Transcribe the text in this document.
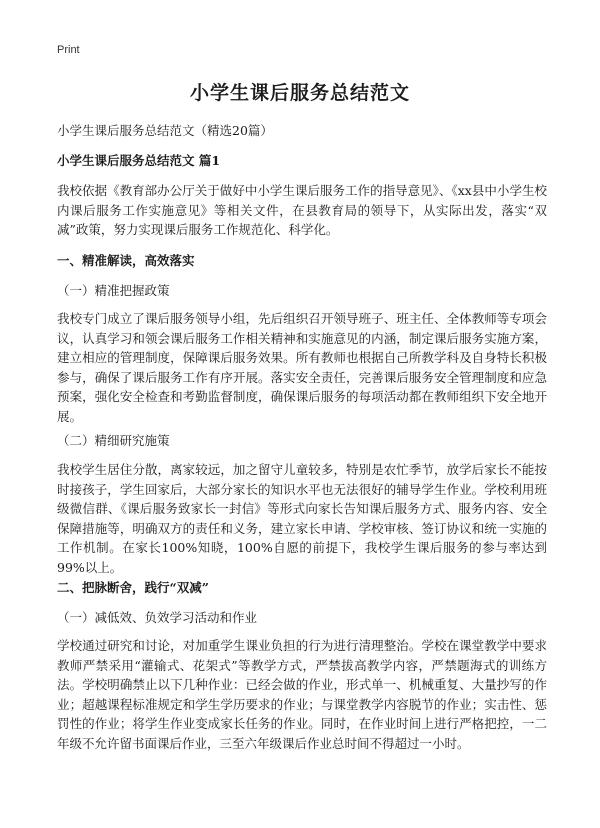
Print
小学生课后服务总结范文
小学生课后服务总结范文（精选20篇）
小学生课后服务总结范文 篇1
我校依据《教育部办公厅关于做好中小学生课后服务工作的指导意见》、《xx县中小学生校内课后服务工作实施意见》等相关文件，在县教育局的领导下，从实际出发，落实“双减”政策，努力实现课后服务工作规范化、科学化。
一、精准解读，高效落实
（一）精准把握政策
我校专门成立了课后服务领导小组，先后组织召开领导班子、班主任、全体教师等专项会议，认真学习和领会课后服务工作相关精神和实施意见的内涵，制定课后服务实施方案，建立相应的管理制度，保障课后服务效果。所有教师也根据自己所教学科及自身特长积极参与，确保了课后服务工作有序开展。落实安全责任，完善课后服务安全管理制度和应急预案，强化安全检查和考勤监督制度，确保课后服务的每项活动都在教师组织下安全地开展。
（二）精细研究施策
我校学生居住分散，离家较远，加之留守儿童较多，特别是农忙季节，放学后家长不能按时接孩子，学生回家后，大部分家长的知识水平也无法很好的辅导学生作业。学校利用班级微信群、《课后服务致家长一封信》等形式向家长告知课后服务方式、服务内容、安全保障措施等，明确双方的责任和义务，建立家长申请、学校审核、签订协议和统一实施的工作机制。在家长100%知晓，100%自愿的前提下，我校学生课后服务的参与率达到99%以上。
二、把脉断舍，践行“双减”
（一）减低效、负效学习活动和作业
学校通过研究和讨论，对加重学生课业负担的行为进行清理整治。学校在课堂教学中要求教师严禁采用“灌输式、花架式”等教学方式，严禁拔高教学内容，严禁题海式的训练方法。学校明确禁止以下几种作业：已经会做的作业，形式单一、机械重复、大量抄写的作业；超越课程标准规定和学生学历要求的作业；与课堂教学内容脱节的作业；实击性、惩罚性的作业；将学生作业变成家长任务的作业。同时，在作业时间上进行严格把控，一二年级不允许留书面课后作业，三至六年级课后作业总时间不得超过一小时。
